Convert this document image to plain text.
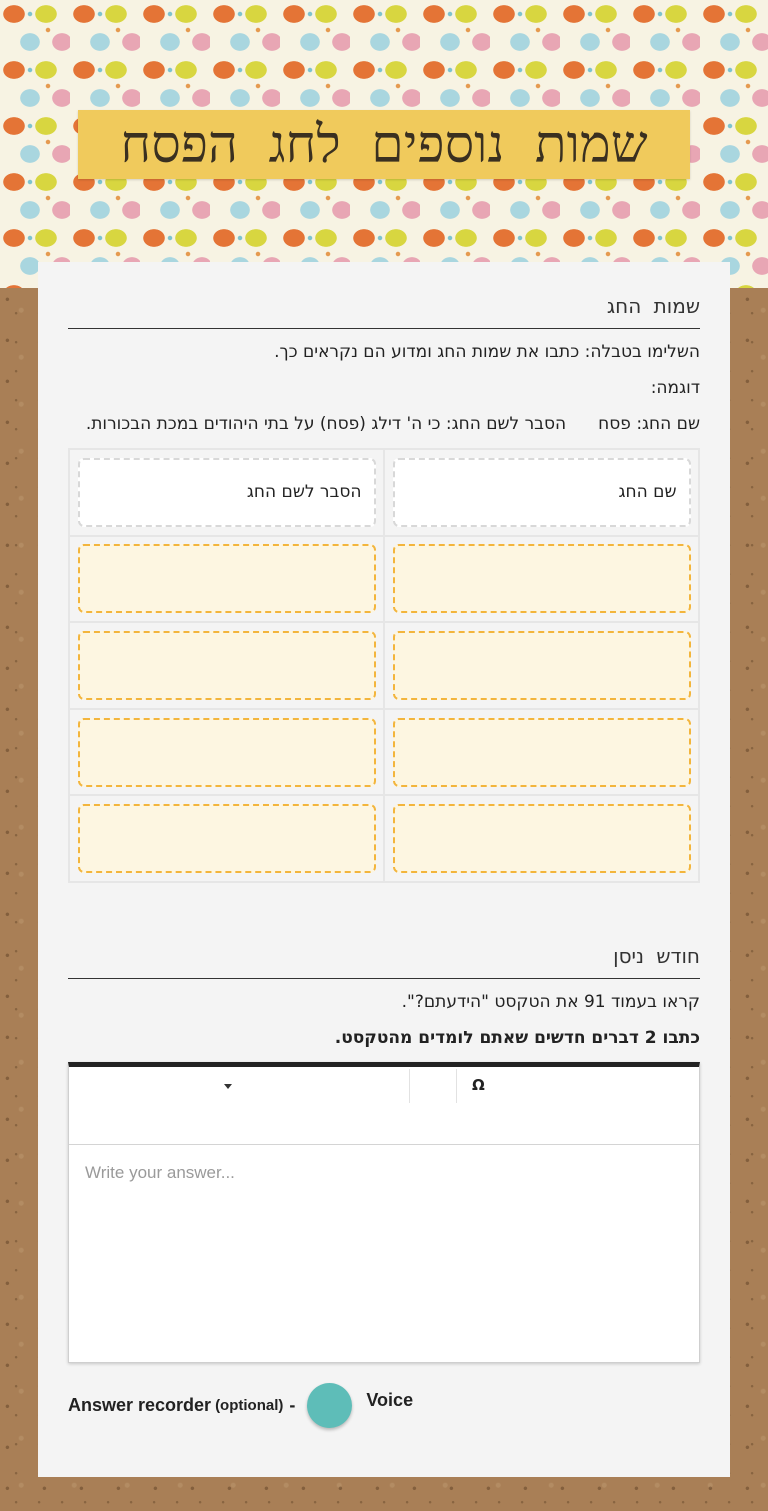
שמות נוספים לחג הפסח
שמות החג
השלימו בטבלה: כתבו את שמות החג ומדוע הם נקראים כך.
דוגמה:
שם החג: פסח
הסבר לשם החג: כי ה' דילג (פסח) על בתי היהודים במכת הבכורות.
שם החג
הסבר לשם החג
חודש ניסן
קראו בעמוד 91 את הטקסט "הידעתם?".
כתבו 2 דברים חדשים שאתם לומדים מהטקסט.
Ω
Write your answer...
Answer recorder (optional) -	Voice
